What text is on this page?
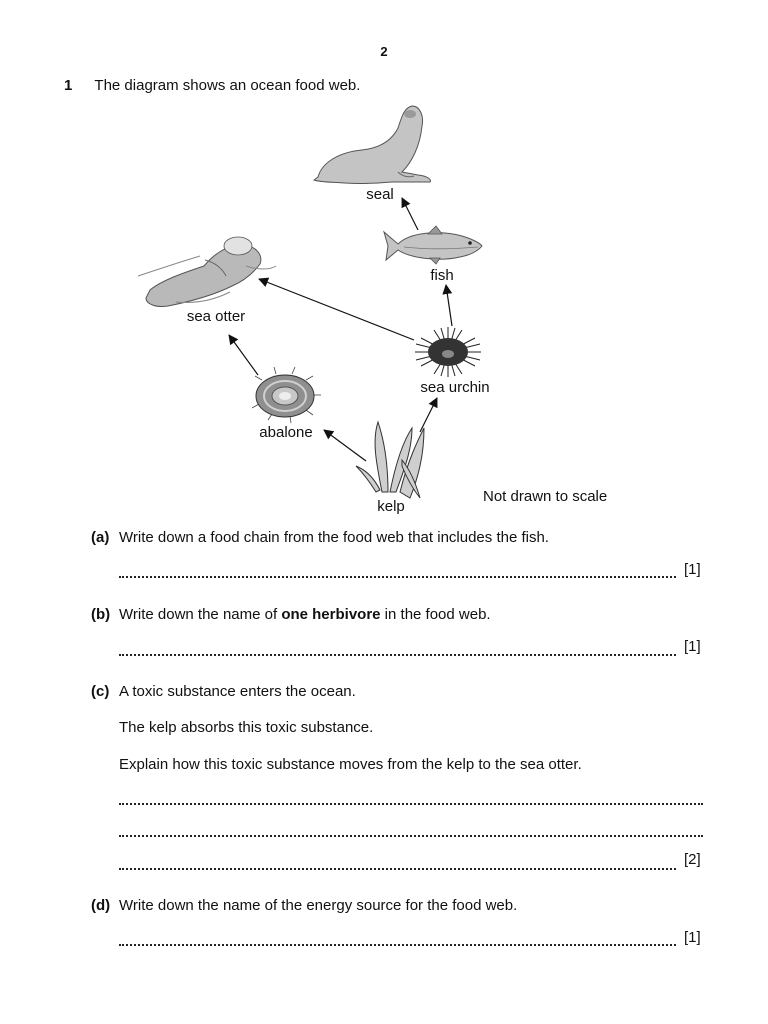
2
1 The diagram shows an ocean food web.
seal
fish
sea otter
sea urchin
abalone
kelp
Not drawn to scale
(a) Write down a food chain from the food web that includes the fish.
[1]
(b) Write down the name of one herbivore in the food web.
[1]
(c) A toxic substance enters the ocean.
The kelp absorbs this toxic substance.
Explain how this toxic substance moves from the kelp to the sea otter.
[2]
(d) Write down the name of the energy source for the food web.
[1]
